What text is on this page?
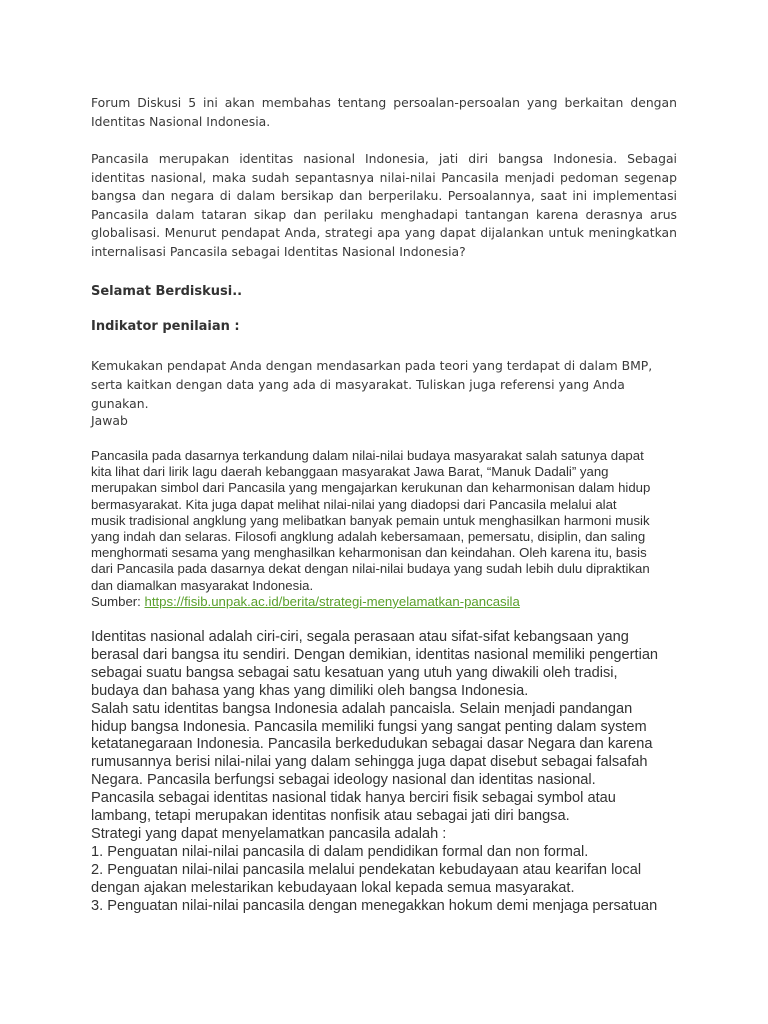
Forum Diskusi 5 ini akan membahas tentang persoalan-persoalan yang berkaitan dengan Identitas Nasional Indonesia.

Pancasila merupakan identitas nasional Indonesia, jati diri bangsa Indonesia. Sebagai identitas nasional, maka sudah sepantasnya nilai-nilai Pancasila menjadi pedoman segenap bangsa dan negara di dalam bersikap dan berperilaku. Persoalannya, saat ini implementasi Pancasila dalam tataran sikap dan perilaku menghadapi tantangan karena derasnya arus globalisasi. Menurut pendapat Anda, strategi apa yang dapat dijalankan untuk meningkatkan internalisasi Pancasila sebagai Identitas Nasional Indonesia?

Selamat Berdiskusi..

Indikator penilaian :

Kemukakan pendapat Anda dengan mendasarkan pada teori yang terdapat di dalam BMP, serta kaitkan dengan data yang ada di masyarakat. Tuliskan juga referensi yang Anda gunakan.

Jawab

Pancasila pada dasarnya terkandung dalam nilai-nilai budaya masyarakat salah satunya dapat
kita lihat dari lirik lagu daerah kebanggaan masyarakat Jawa Barat, “Manuk Dadali” yang
merupakan simbol dari Pancasila yang mengajarkan kerukunan dan keharmonisan dalam hidup
bermasyarakat. Kita juga dapat melihat nilai-nilai yang diadopsi dari Pancasila melalui alat
musik tradisional angklung yang melibatkan banyak pemain untuk menghasilkan harmoni musik
yang indah dan selaras. Filosofi angklung adalah kebersamaan, pemersatu, disiplin, dan saling
menghormati sesama yang menghasilkan keharmonisan dan keindahan. Oleh karena itu, basis
dari Pancasila pada dasarnya dekat dengan nilai-nilai budaya yang sudah lebih dulu dipraktikan
dan diamalkan masyarakat Indonesia.
Sumber: https://fisib.unpak.ac.id/berita/strategi-menyelamatkan-pancasila
Identitas nasional adalah ciri-ciri, segala perasaan atau sifat-sifat kebangsaan yang
berasal dari bangsa itu sendiri. Dengan demikian, identitas nasional memiliki pengertian
sebagai suatu bangsa sebagai satu kesatuan yang utuh yang diwakili oleh tradisi,
budaya dan bahasa yang khas yang dimiliki oleh bangsa Indonesia.
Salah satu identitas bangsa Indonesia adalah pancaisla. Selain menjadi pandangan
hidup bangsa Indonesia. Pancasila memiliki fungsi yang sangat penting dalam system
ketatanegaraan Indonesia. Pancasila berkedudukan sebagai dasar Negara dan karena
rumusannya berisi nilai-nilai yang dalam sehingga juga dapat disebut sebagai falsafah
Negara. Pancasila berfungsi sebagai ideology nasional dan identitas nasional.
Pancasila sebagai identitas nasional tidak hanya berciri fisik sebagai symbol atau
lambang, tetapi merupakan identitas nonfisik atau sebagai jati diri bangsa.
Strategi yang dapat menyelamatkan pancasila adalah :
1. Penguatan nilai-nilai pancasila di dalam pendidikan formal dan non formal.
2. Penguatan nilai-nilai pancasila melalui pendekatan kebudayaan atau kearifan local
dengan ajakan melestarikan kebudayaan lokal kepada semua masyarakat.
3. Penguatan nilai-nilai pancasila dengan menegakkan hokum demi menjaga persatuan
